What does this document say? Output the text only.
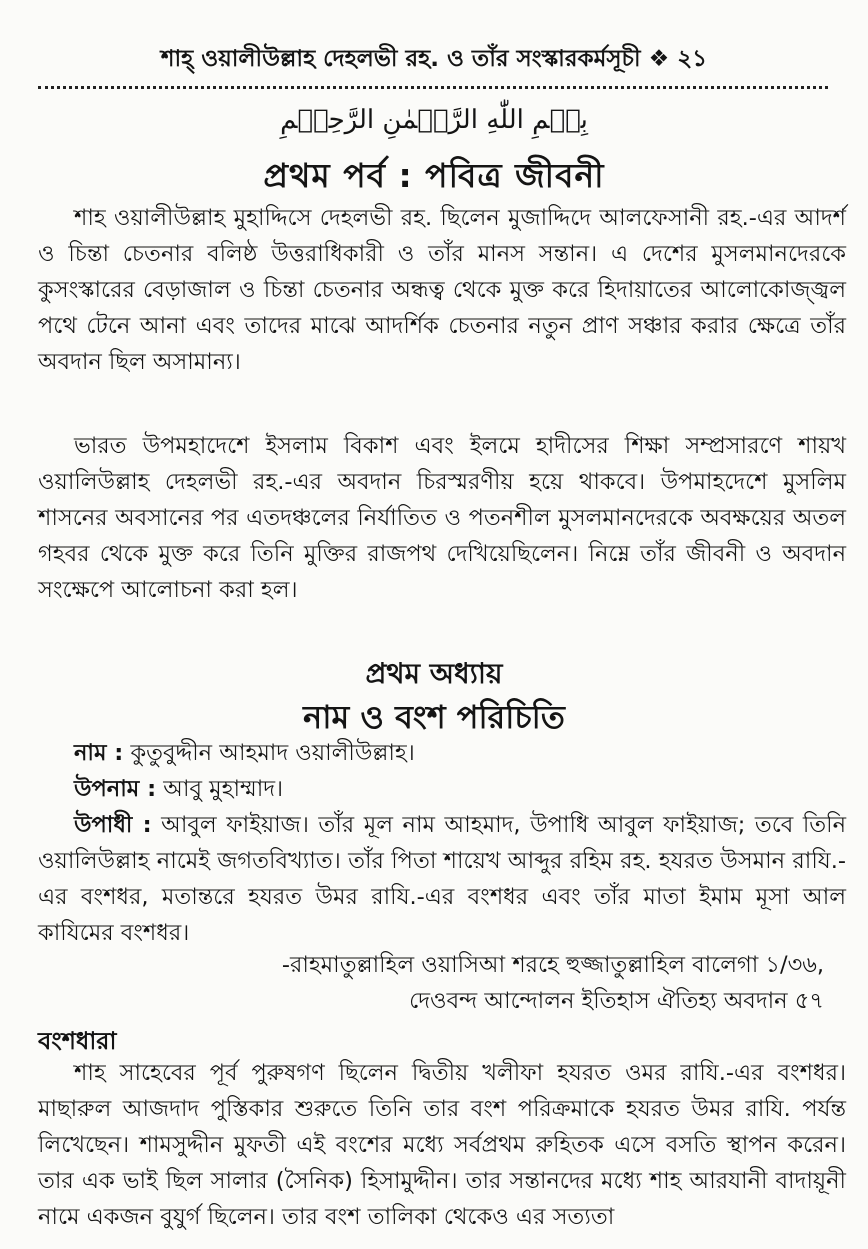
শাহ্ ওয়ালীউল্লাহ দেহলভী রহ. ও তাঁর সংস্কারকর্মসূচী ❖ ২১
بِسۡمِ اللّٰهِ الرَّحۡمٰنِ الرَّحِيۡمِ
প্রথম পর্ব : পবিত্র জীবনী

শাহ ওয়ালীউল্লাহ মুহাদ্দিসে দেহলভী রহ. ছিলেন মুজাদ্দিদে আলফেসানী রহ.-এর আদর্শ ও চিন্তা চেতনার বলিষ্ঠ উত্তরাধিকারী ও তাঁর মানস সন্তান। এ দেশের মুসলমানদেরকে কুসংস্কারের বেড়াজাল ও চিন্তা চেতনার অন্ধত্ব থেকে মুক্ত করে হিদায়াতের আলোকোজ্জ্বল পথে টেনে আনা এবং তাদের মাঝে আদর্শিক চেতনার নতুন প্রাণ সঞ্চার করার ক্ষেত্রে তাঁর অবদান ছিল অসামান্য।

ভারত উপমহাদেশে ইসলাম বিকাশ এবং ইলমে হাদীসের শিক্ষা সম্প্রসারণে শায়খ ওয়ালিউল্লাহ দেহলভী রহ.-এর অবদান চিরস্মরণীয় হয়ে থাকবে। উপমাহদেশে মুসলিম শাসনের অবসানের পর এতদঞ্চলের নির্যাতিত ও পতনশীল মুসলমানদেরকে অবক্ষয়ের অতল গহবর থেকে মুক্ত করে তিনি মুক্তির রাজপথ দেখিয়েছিলেন। নিম্নে তাঁর জীবনী ও অবদান সংক্ষেপে আলোচনা করা হল।

প্রথম অধ্যায়
নাম ও বংশ পরিচিতি

নাম : কুতুবুদ্দীন আহমাদ ওয়ালীউল্লাহ।

উপনাম : আবু মুহাম্মাদ।

উপাধী : আবুল ফাইয়াজ। তাঁর মূল নাম আহমাদ, উপাধি আবুল ফাইয়াজ; তবে তিনি ওয়ালিউল্লাহ নামেই জগতবিখ্যাত। তাঁর পিতা শায়েখ আব্দুর রহিম রহ. হযরত উসমান রাযি.-এর বংশধর, মতান্তরে হযরত উমর রাযি.-এর বংশধর এবং তাঁর মাতা ইমাম মূসা আল কাযিমের বংশধর।

-রাহমাতুল্লাহিল ওয়াসিআ শরহে হুজ্জাতুল্লাহিল বালেগা ১/৩৬,
দেওবন্দ আন্দোলন ইতিহাস ঐতিহ্য অবদান ৫৭
বংশধারা

শাহ সাহেবের পূর্ব পুরুষগণ ছিলেন দ্বিতীয় খলীফা হযরত ওমর রাযি.-এর বংশধর। মাছারুল আজদাদ পুস্তিকার শুরুতে তিনি তার বংশ পরিক্রমাকে হযরত উমর রাযি. পর্যন্ত লিখেছেন। শামসুদ্দীন মুফতী এই বংশের মধ্যে সর্বপ্রথম রুহিতক এসে বসতি স্থাপন করেন। তার এক ভাই ছিল সালার (সৈনিক) হিসামুদ্দীন। তার সন্তানদের মধ্যে শাহ আরযানী বাদায়ূনী নামে একজন বুযুর্গ ছিলেন। তার বংশ তালিকা থেকেও এর সত্যতা
